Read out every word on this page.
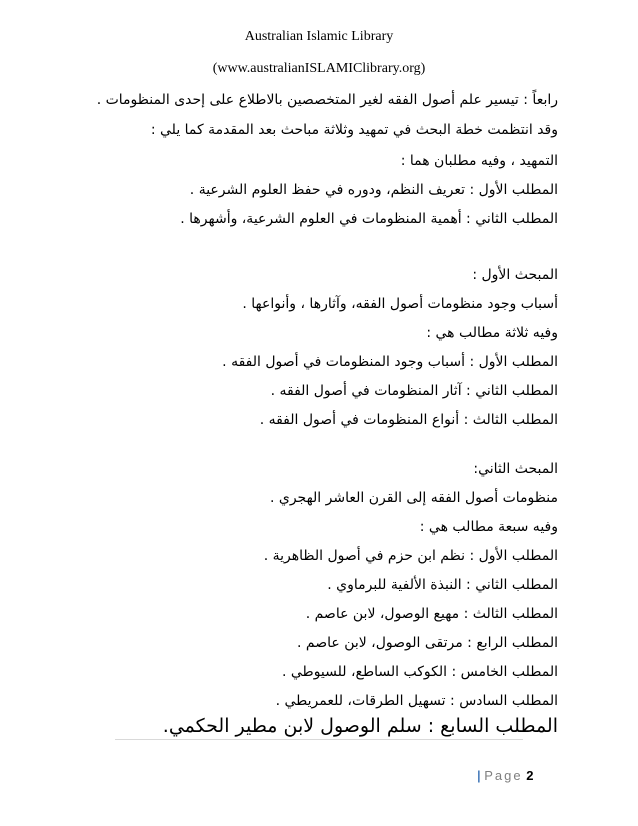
Australian Islamic Library
(www.australianISLAMIClibrary.org)
رابعاً : تيسير علم أصول الفقه لغير المتخصصين بالاطلاع على إحدى المنظومات .
وقد انتظمت خطة البحث في تمهيد وثلاثة مباحث بعد المقدمة كما يلي :
التمهيد ، وفيه مطلبان هما :
المطلب الأول : تعريف النظم، ودوره في حفظ العلوم الشرعية .
المطلب الثاني : أهمية المنظومات في العلوم الشرعية، وأشهرها .
المبحث الأول :
أسباب وجود منظومات أصول الفقه، وآثارها ، وأنواعها .
وفيه ثلاثة مطالب هي :
المطلب الأول : أسباب وجود المنظومات في أصول الفقه .
المطلب الثاني : آثار المنظومات في أصول الفقه .
المطلب الثالث : أنواع المنظومات في أصول الفقه .
المبحث الثاني:
منظومات أصول الفقه إلى القرن العاشر الهجري .
وفيه سبعة مطالب هي :
المطلب الأول : نظم ابن حزم في أصول الظاهرية .
المطلب الثاني : النبذة الألفية للبرماوي .
المطلب الثالث : مهيع الوصول، لابن عاصم .
المطلب الرابع : مرتقى الوصول، لابن عاصم .
المطلب الخامس : الكوكب الساطع، للسيوطي .
المطلب السادس : تسهيل الطرقات، للعمريطي .
المطلب السابع : سلم الوصول لابن مطير الحكمي.
| Page 2
